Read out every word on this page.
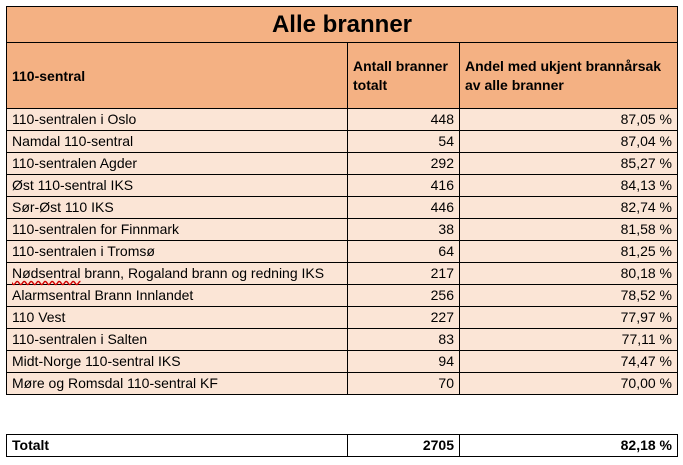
Alle branner		
110-sentral	Antall branner totalt	Andel med ukjent brannårsak av alle branner
110-sentralen i Oslo	448	87,05 %
Namdal 110-sentral	54	87,04 %
110-sentralen Agder	292	85,27 %
Øst 110-sentral IKS	416	84,13 %
Sør-Øst 110 IKS	446	82,74 %
110-sentralen for Finnmark	38	81,58 %
110-sentralen i Tromsø	64	81,25 %
Nødsentral brann, Rogaland brann og redning IKS	217	80,18 %
Alarmsentral Brann Innlandet	256	78,52 %
110 Vest	227	77,97 %
110-sentralen i Salten	83	77,11 %
Midt-Norge 110-sentral IKS	94	74,47 %
Møre og Romsdal 110-sentral KF	70	70,00 %
Totalt	2705	82,18 %
